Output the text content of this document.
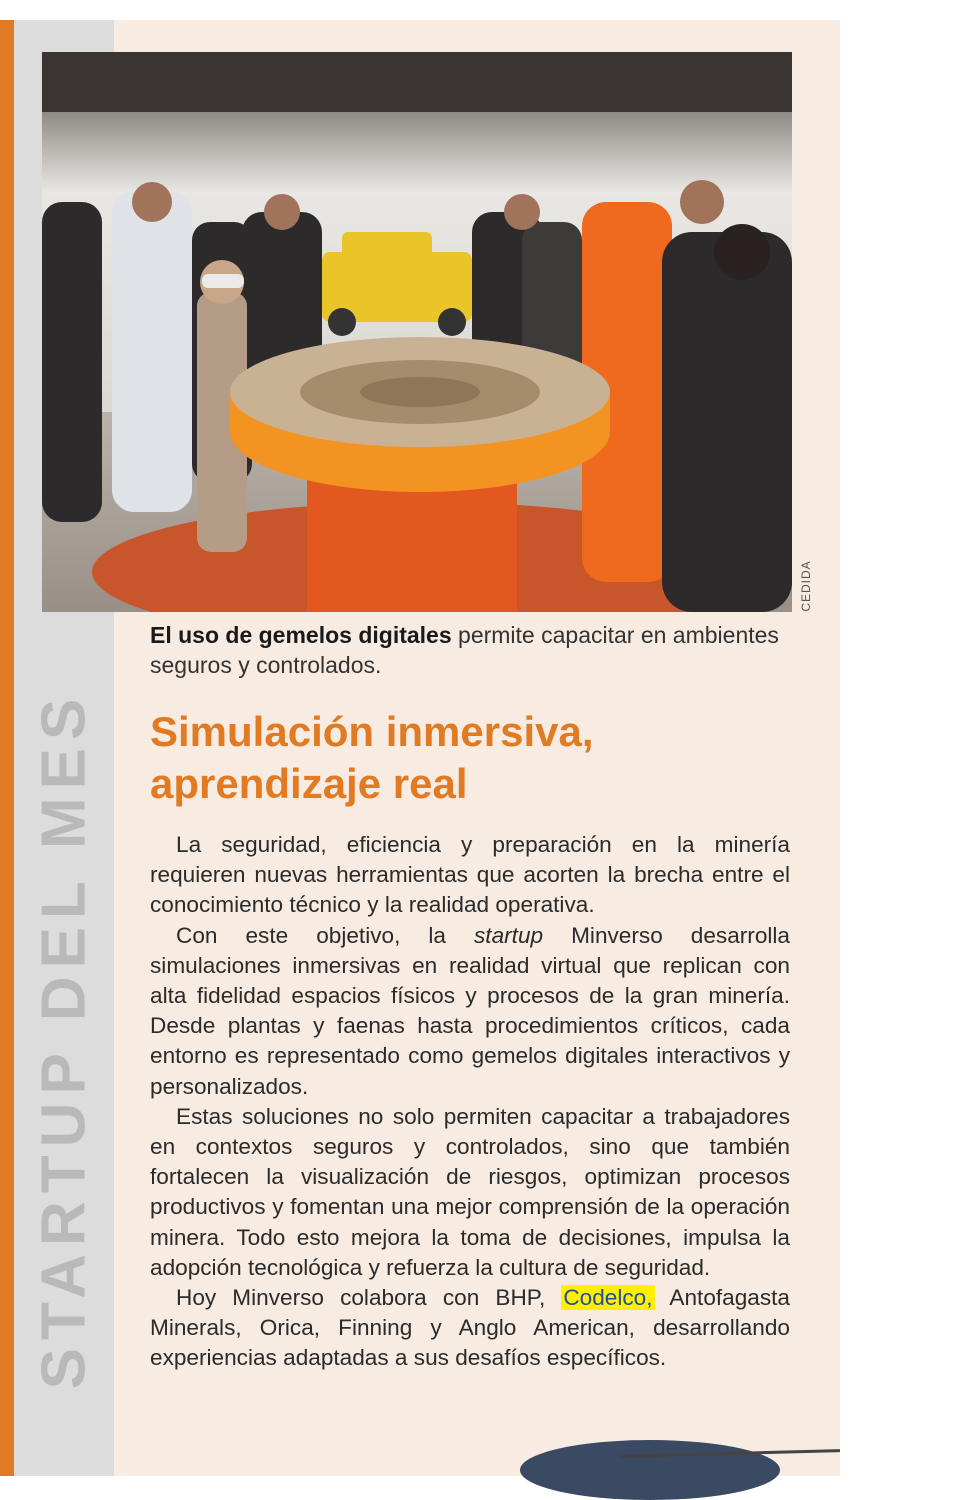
STARTUP DEL MES
CEDIDA
El uso de gemelos digitales permite capacitar en ambientes seguros y controlados.
Simulación inmersiva,
aprendizaje real

La seguridad, eficiencia y preparación en la minería requieren nuevas herramientas que acorten la brecha entre el conocimiento técnico y la realidad operativa.

Con este objetivo, la startup Minverso desarrolla simulaciones inmersivas en realidad virtual que replican con alta fidelidad espacios físicos y procesos de la gran minería. Desde plantas y faenas hasta procedimientos críticos, cada entorno es representado como gemelos digitales interactivos y personalizados.

Estas soluciones no solo permiten capacitar a trabajadores en contextos seguros y controlados, sino que también fortalecen la visualización de riesgos, optimizan procesos productivos y fomentan una mejor comprensión de la operación minera. Todo esto mejora la toma de decisiones, impulsa la adopción tecnológica y refuerza la cultura de seguridad.

Hoy Minverso colabora con BHP, Codelco, Antofagasta Minerals, Orica, Finning y Anglo American, desarrollando experiencias adaptadas a sus desafíos específicos.
